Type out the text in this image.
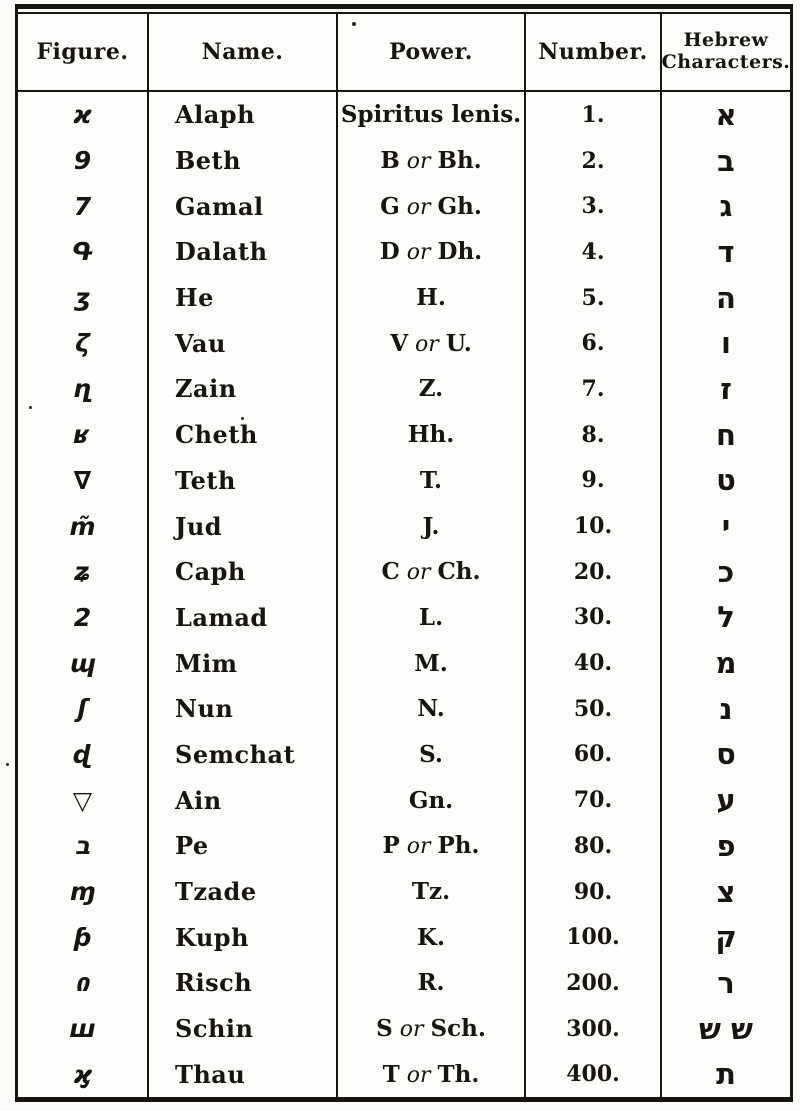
Figure.	Name.	Power.	Number.	Hebrew Characters.
ϰ	Alaph	Spiritus lenis.	1.	א
9	Beth	B or Bh.	2.	ב
7	Gamal	G or Gh.	3.	ג
Գ	Dalath	D or Dh.	4.	ד
ӡ	He	H.	5.	ה
ζ	Vau	V or U.	6.	ו
ղ	Zain	Z.	7.	ז
ʁ	Cheth	Hh.	8.	ח
∇	Teth	T.	9.	ט
m̃	Jud	J.	10.	י
ʑ	Caph	C or Ch.	20.	כ
2	Lamad	L.	30.	ל
ɰ	Mim	M.	40.	מ
ʃ	Nun	N.	50.	נ
ɖ	Semchat	S.	60.	ס
▽	Ain	Gn.	70.	ע
ב	Pe	P or Ph.	80.	פ
ɱ	Tzade	Tz.	90.	צ
ƥ	Kuph	K.	100.	ק
ი	Risch	R.	200.	ר
ш	Schin	S or Sch.	300.	ש ש
ϗ	Thau	T or Th.	400.	ת
